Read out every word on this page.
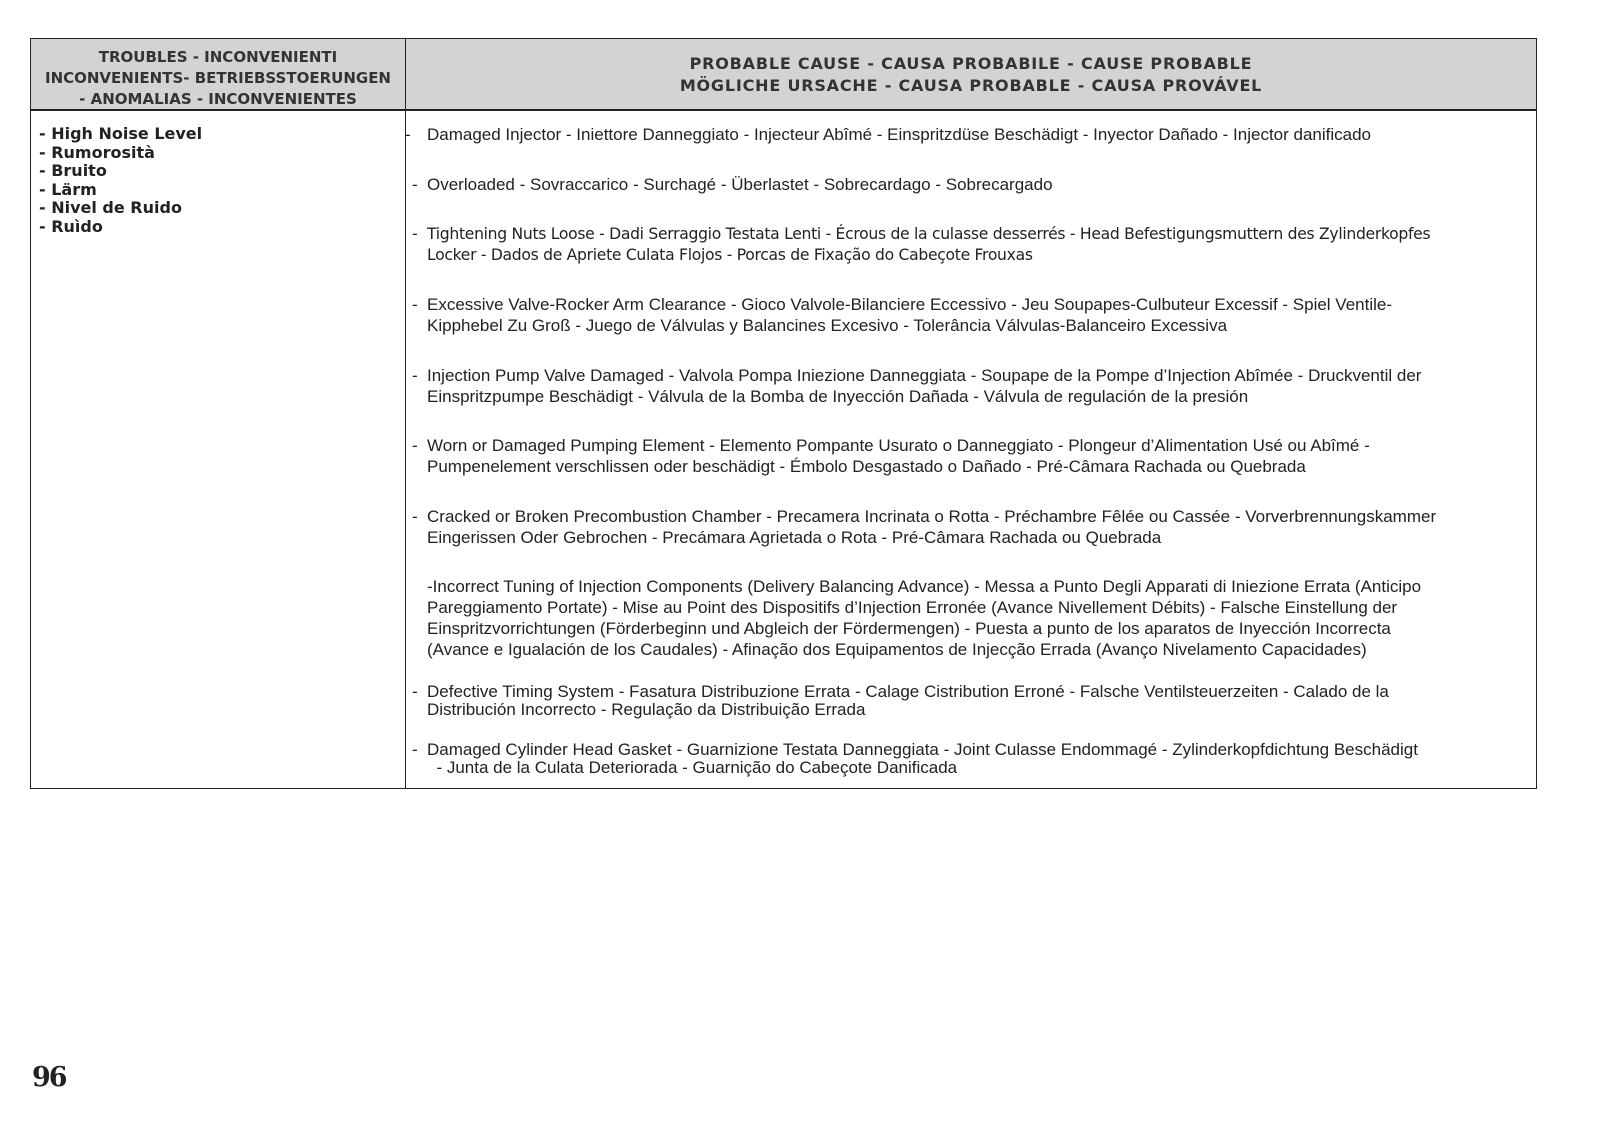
TROUBLES - INCONVENIENTI
INCONVENIENTS- BETRIEBSSTOERUNGEN
- ANOMALIAS - INCONVENIENTES
PROBABLE CAUSE - CAUSA PROBABILE - CAUSE PROBABLE
MÖGLICHE URSACHE - CAUSA PROBABLE - CAUSA PROVÁVEL
- High Noise Level
- Rumorosità
- Bruito
- Lärm
- Nivel de Ruido
- Ruìdo
- Damaged Injector - Iniettore Danneggiato - Injecteur Abîmé - Einspritzdüse Beschädigt - Inyector Dañado - Injector danificado
- Overloaded - Sovraccarico - Surchagé - Überlastet - Sobrecardago - Sobrecargado
- Tightening Nuts Loose - Dadi Serraggio Testata Lenti - Écrous de la culasse desserrés - Head Befestigungsmuttern des Zylinderkopfes
Locker - Dados de Apriete Culata Flojos - Porcas de Fixação do Cabeçote Frouxas
- Excessive Valve-Rocker Arm Clearance - Gioco Valvole-Bilanciere Eccessivo - Jeu Soupapes-Culbuteur Excessif - Spiel Ventile-
Kipphebel Zu Groß - Juego de Válvulas y Balancines Excesivo - Tolerância Válvulas-Balanceiro Excessiva
- Injection Pump Valve Damaged - Valvola Pompa Iniezione Danneggiata - Soupape de la Pompe d’Injection Abîmée - Druckventil der
Einspritzpumpe Beschädigt - Válvula de la Bomba de Inyección Dañada - Válvula de regulación de la presión
- Worn or Damaged Pumping Element - Elemento Pompante Usurato o Danneggiato - Plongeur d’Alimentation Usé ou Abîmé -
Pumpenelement verschlissen oder beschädigt - Émbolo Desgastado o Dañado - Pré-Câmara Rachada ou Quebrada
- Cracked or Broken Precombustion Chamber - Precamera Incrinata o Rotta - Préchambre Fêlée ou Cassée - Vorverbrennungskammer
Eingerissen Oder Gebrochen - Precámara Agrietada o Rota - Pré-Câmara Rachada ou Quebrada
-Incorrect Tuning of Injection Components (Delivery Balancing Advance) - Messa a Punto Degli Apparati di Iniezione Errata (Anticipo
Pareggiamento Portate) - Mise au Point des Dispositifs d’Injection Erronée (Avance Nivellement Débits) - Falsche Einstellung der
Einspritzvorrichtungen (Förderbeginn und Abgleich der Fördermengen) - Puesta a punto de los aparatos de Inyección Incorrecta
(Avance e Igualación de los Caudales) - Afinação dos Equipamentos de Injecção Errada (Avanço Nivelamento Capacidades)
- Defective Timing System - Fasatura Distribuzione Errata - Calage Cistribution Erroné - Falsche Ventilsteuerzeiten - Calado de la
Distribución Incorrecto - Regulação da Distribuição Errada
- Damaged Cylinder Head Gasket - Guarnizione Testata Danneggiata - Joint Culasse Endommagé - Zylinderkopfdichtung Beschädigt
- Junta de la Culata Deteriorada - Guarnição do Cabeçote Danificada
96
